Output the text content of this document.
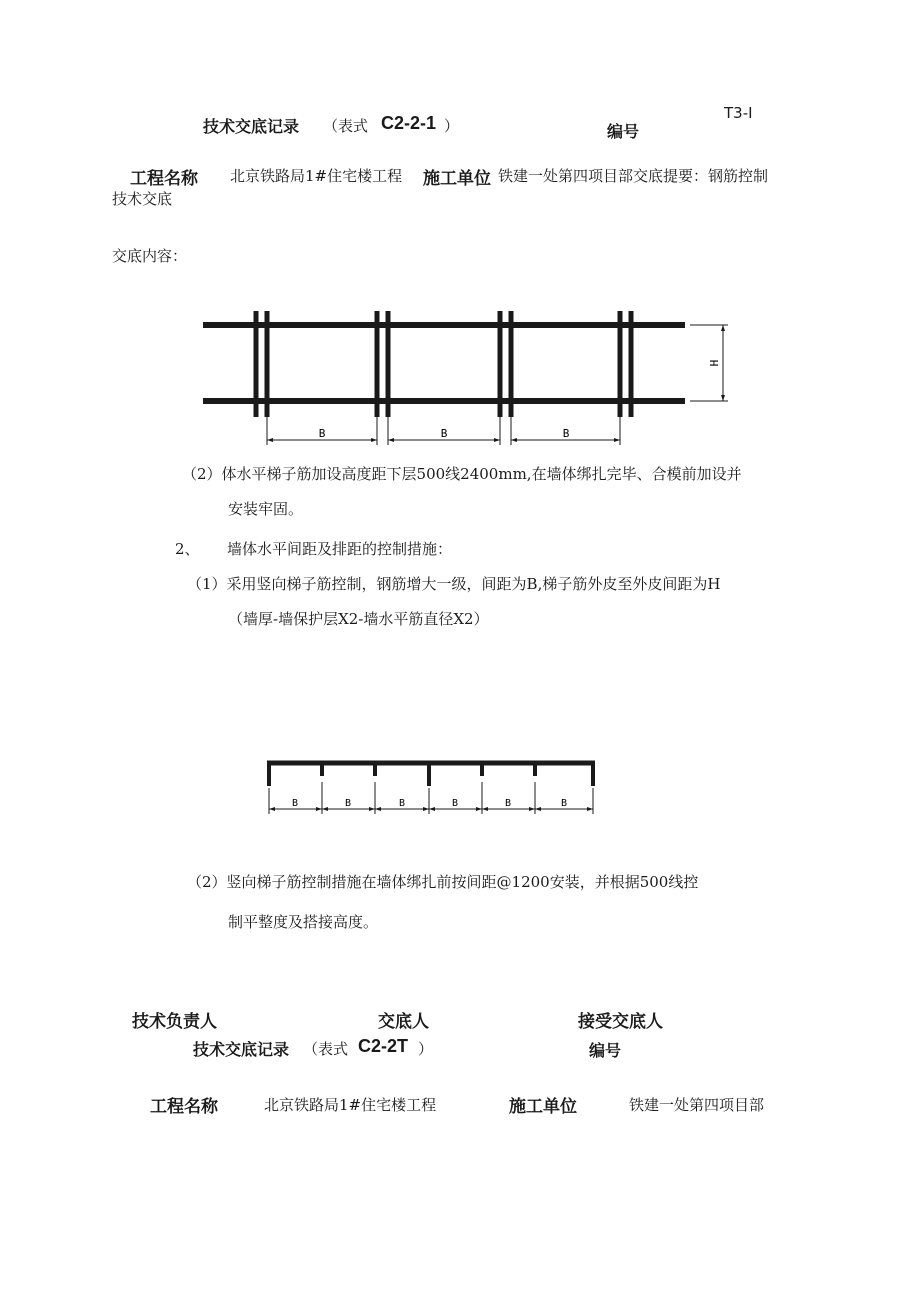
技术交底记录 （表式 C2-2-1 ）	编号
T3-I
工程名称 北京铁路局1#住宅楼工程 施工单位 铁建一处第四项目部交底提要：钢筋控制
技术交底
交底内容：
B	B	B
H
（2）体水平梯子筋加设高度距下层500线2400mm,在墙体绑扎完毕、合模前加设并
安装牢固。
2、 墙体水平间距及排距的控制措施：
（1）采用竖向梯子筋控制，钢筋增大一级，间距为B,梯子筋外皮至外皮间距为H
（墙厚-墙保护层X2-墙水平筋直径X2）
B	B	B	B	B	B
（2）竖向梯子筋控制措施在墙体绑扎前按间距@1200安装，并根据500线控
制平整度及搭接高度。
技术负责人	交底人	接受交底人
技术交底记录 （表式 C2-2T ）	编号
工程名称	北京铁路局1#住宅楼工程	施工单位	铁建一处第四项目部
